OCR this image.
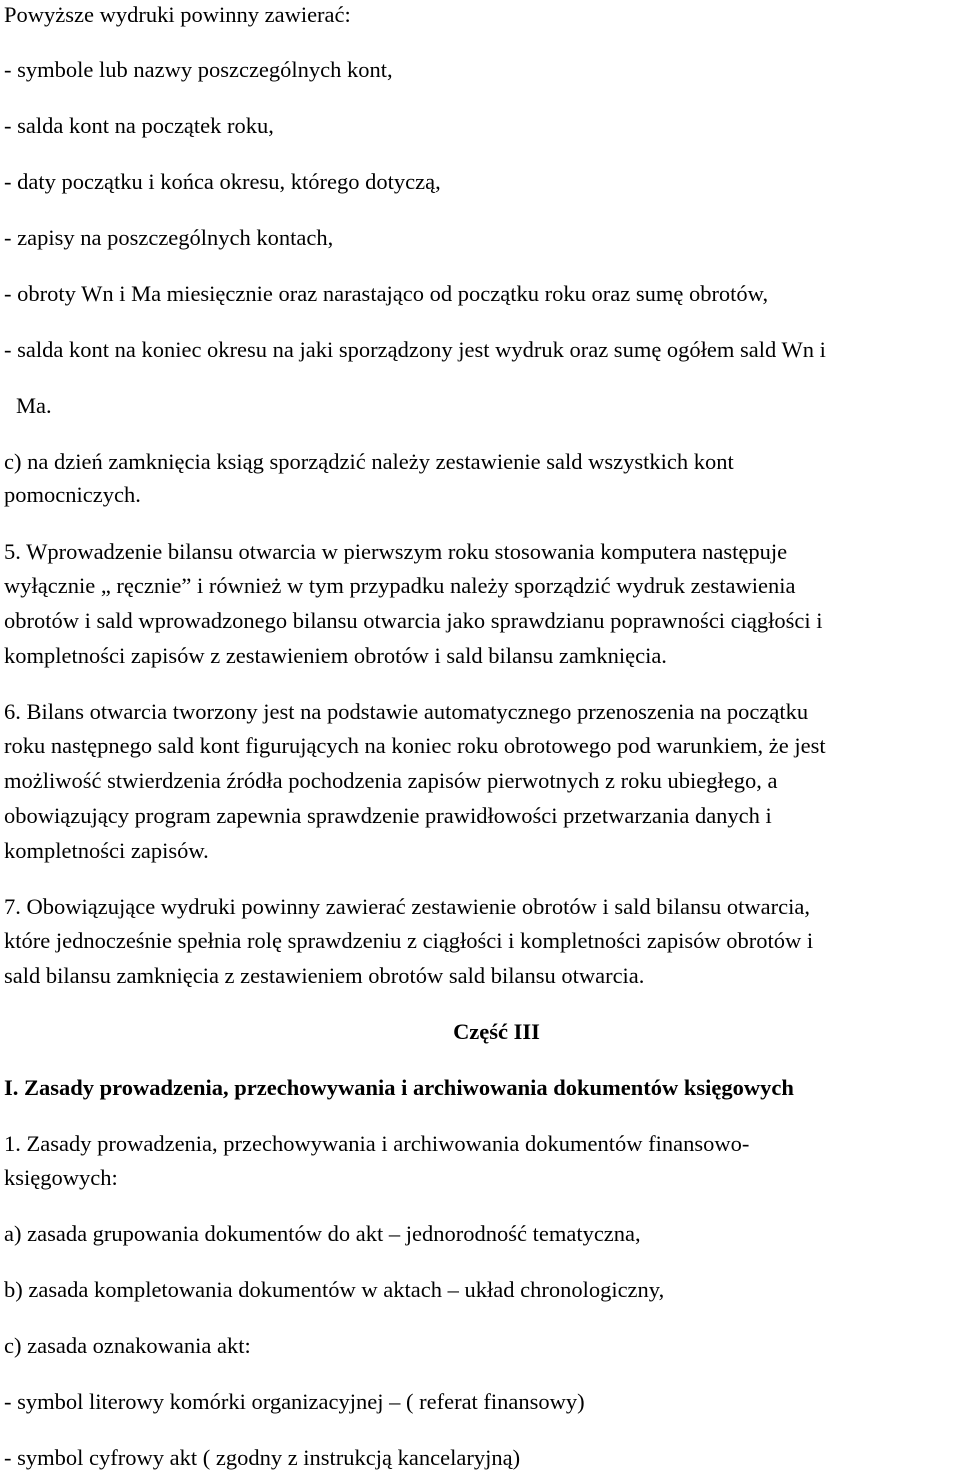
Powyższe wydruki powinny zawierać:
- symbole lub nazwy poszczególnych kont,
- salda kont na początek roku,
- daty początku i końca okresu, którego dotyczą,
- zapisy na poszczególnych kontach,
- obroty Wn i Ma miesięcznie oraz narastająco od początku roku oraz sumę obrotów,
- salda kont na koniec okresu na jaki sporządzony jest wydruk oraz sumę ogółem sald Wn i
Ma.
c) na dzień zamknięcia ksiąg sporządzić należy zestawienie sald wszystkich kont
pomocniczych.
5. Wprowadzenie bilansu otwarcia w pierwszym roku stosowania komputera następuje
wyłącznie „ ręcznie” i również w tym przypadku należy sporządzić wydruk zestawienia
obrotów i sald wprowadzonego bilansu otwarcia jako sprawdzianu poprawności ciągłości i
kompletności zapisów z zestawieniem obrotów i sald bilansu zamknięcia.
6. Bilans otwarcia tworzony jest na podstawie automatycznego przenoszenia na początku
roku następnego sald kont figurujących na koniec roku obrotowego pod warunkiem, że jest
możliwość stwierdzenia źródła pochodzenia zapisów pierwotnych z roku ubiegłego, a
obowiązujący program zapewnia sprawdzenie prawidłowości przetwarzania danych i
kompletności zapisów.
7. Obowiązujące wydruki powinny zawierać zestawienie obrotów i sald bilansu otwarcia,
które jednocześnie spełnia rolę sprawdzeniu z ciągłości i kompletności zapisów obrotów i
sald bilansu zamknięcia z zestawieniem obrotów sald bilansu otwarcia.
Część III
I. Zasady prowadzenia, przechowywania i archiwowania dokumentów księgowych
1. Zasady prowadzenia, przechowywania i archiwowania dokumentów finansowo-
księgowych:
a) zasada grupowania dokumentów do akt – jednorodność tematyczna,
b) zasada kompletowania dokumentów w aktach – układ chronologiczny,
c) zasada oznakowania akt:
- symbol literowy komórki organizacyjnej – ( referat finansowy)
- symbol cyfrowy akt ( zgodny z instrukcją kancelaryjną)
